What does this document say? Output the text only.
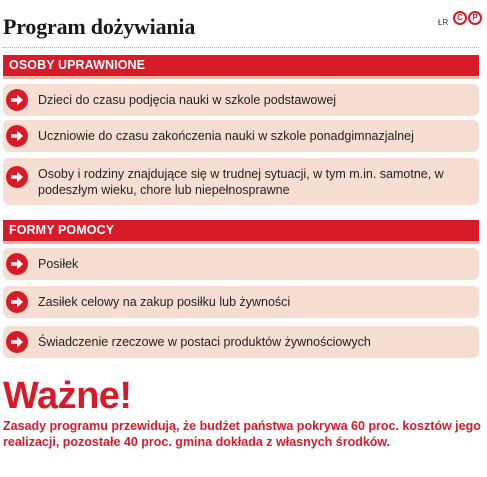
Program dożywiania	ŁR
C	P
OSOBY UPRAWNIONE
Dzieci do czasu podjęcia nauki w szkole podstawowej
Uczniowie do czasu zakończenia nauki w szkole ponadgimnazjalnej
Osoby i rodziny znajdujące się w trudnej sytuacji, w tym m.in. samotne, w podeszłym wieku, chore lub niepełnosprawne
FORMY POMOCY
Posiłek
Zasiłek celowy na zakup posiłku lub żywności
Świadczenie rzeczowe w postaci produktów żywnościowych
Ważne!
Zasady programu przewidują, że budżet państwa pokrywa 60 proc. kosztów jego realizacji, pozostałe 40 proc. gmina dokłada z własnych środków.
